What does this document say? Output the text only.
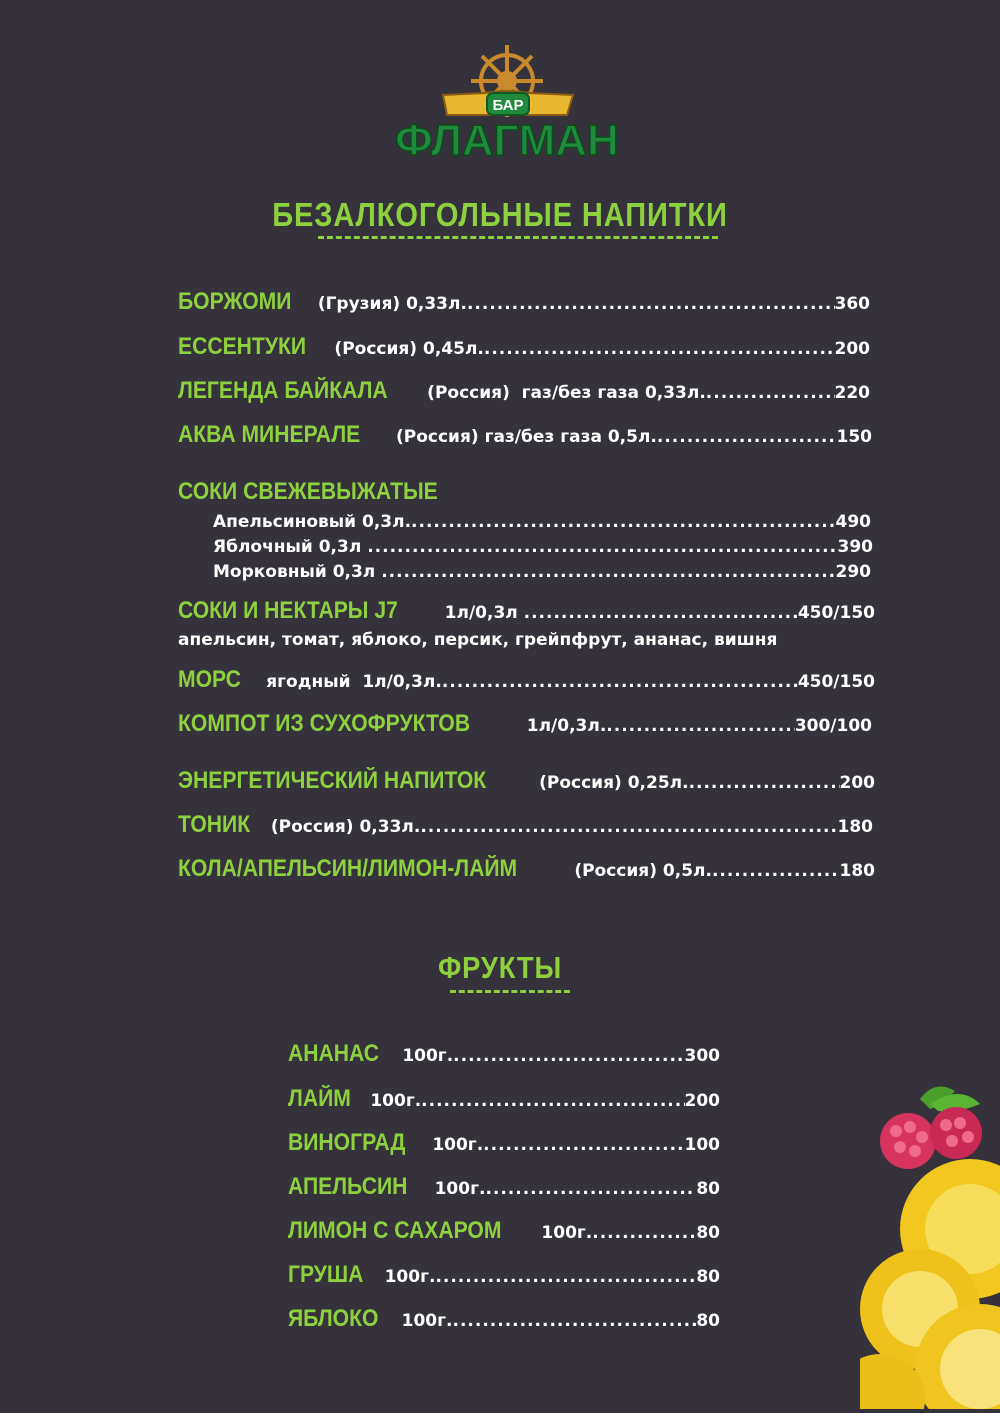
БАР
ФЛАГМАН
БЕЗАЛКОГОЛЬНЫЕ НАПИТКИ
БОРЖОМИ (Грузия) 0,33л. .....	360
ЕССЕНТУКИ (Россия) 0,45л. .....	200
ЛЕГЕНДА БАЙКАЛА (Россия)  газ/без газа 0,33л. .....	220
АКВА МИНЕРАЛЕ (Россия) газ/без газа 0,5л. .....	150
СОКИ СВЕЖЕВЫЖАТЫЕ
Апельсиновый 0,3л. .....	490
Яблочный 0,3л .....	390
Морковный 0,3л .....	290
СОКИ И НЕКТАРЫ J7 1л/0,3л .....	450/150
апельсин, томат, яблоко, персик, грейпфрут, ананас, вишня
МОРС ягодный  1л/0,3л. .....	450/150
КОМПОТ ИЗ СУХОФРУКТОВ	1л/0,3л. .....	300/100
ЭНЕРГЕТИЧЕСКИЙ НАПИТОК	(Россия) 0,25л. .....	200
ТОНИК (Россия) 0,33л. .....	180
КОЛА/АПЕЛЬСИН/ЛИМОН-ЛАЙМ	(Россия) 0,5л. .....	180
ФРУКТЫ
АНАНАС 100г. .....	300
ЛАЙМ 100г. .....	200
ВИНОГРАД 100г. .....	100
АПЕЛЬСИН 100г. .....	80
ЛИМОН С САХАРОМ 100г. .....	80
ГРУША 100г. .....	80
ЯБЛОКО 100г. .....	80
